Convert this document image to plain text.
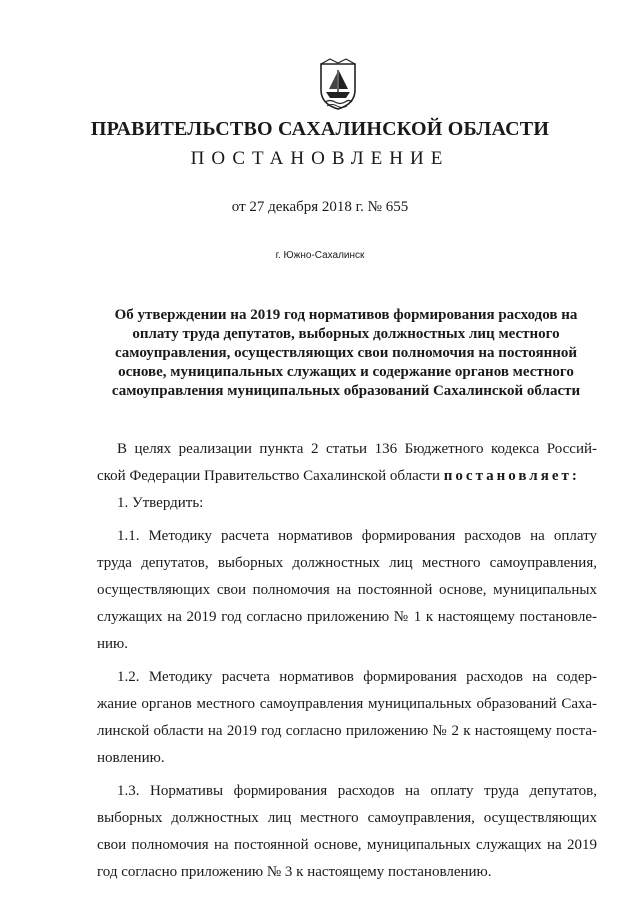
ПРАВИТЕЛЬСТВО САХАЛИНСКОЙ ОБЛАСТИ
ПОСТАНОВЛЕНИЕ
от 27 декабря 2018 г. № 655
г. Южно-Сахалинск
Об утверждении на 2019 год нормативов формирования расходов на
оплату труда депутатов, выборных должностных лиц местного
самоуправления, осуществляющих свои полномочия на постоянной
основе, муниципальных служащих и содержание органов местного
самоуправления муниципальных образований Сахалинской области
В целях реализации пункта 2 статьи 136 Бюджетного кодекса Россий-
ской Федерации Правительство Сахалинской области постановляет:
1. Утвердить:
1.1. Методику расчета нормативов формирования расходов на оплату
труда депутатов, выборных должностных лиц местного самоуправления,
осуществляющих свои полномочия на постоянной основе, муниципальных
служащих на 2019 год согласно приложению № 1 к настоящему постановле-
нию.
1.2. Методику расчета нормативов формирования расходов на содер-
жание органов местного самоуправления муниципальных образований Саха-
линской области на 2019 год согласно приложению № 2 к настоящему поста-
новлению.
1.3. Нормативы формирования расходов на оплату труда депутатов,
выборных должностных лиц местного самоуправления, осуществляющих
свои полномочия на постоянной основе, муниципальных служащих на 2019
год согласно приложению № 3 к настоящему постановлению.
